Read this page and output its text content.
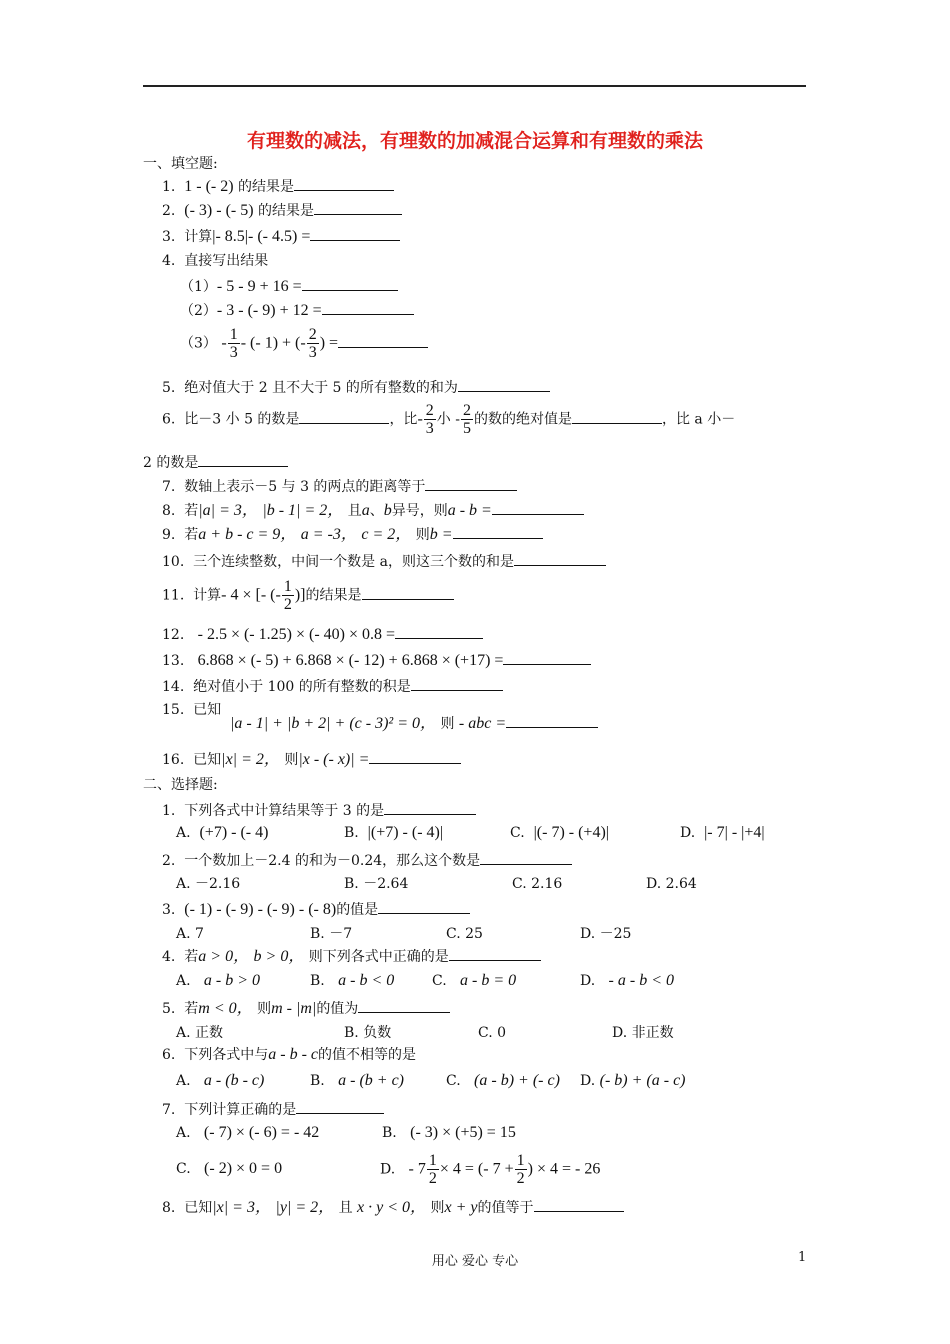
有理数的减法，有理数的加减混合运算和有理数的乘法
一、填空题:
1. 1 - (- 2) 的结果是
2. (- 3) - (- 5) 的结果是
3. 计算|- 8.5|- (- 4.5) =
4. 直接写出结果
（1）- 5 - 9 + 16 =
（2）- 3 - (- 9) + 12 =
$(3) - \frac{1}{3}$ - (- 1) + (- $\frac{2}{3}$ ) =
5. 绝对值大于 2 且不大于 5 的所有整数的和为
6. 比－3 小 5 的数是	，比- $\frac{2}{3}$ 小 - $\frac{2}{5}$ 的数的绝对值是	，比 a 小－
2 的数是
7. 数轴上表示－5 与 3 的两点的距离等于
8. 若|a| = 3， |b - 1| = 2， 且a、b异号，则a - b =
9. 若a + b - c = 9， a = -3， c = 2， 则b =
10. 三个连续整数，中间一个数是 a，则这三个数的和是
11. 计算- 4 × [- (- $\frac{1}{2}$ )]的结果是
12. - 2.5 × (- 1.25) × (- 40) × 0.8 =
13. 6.868 × (- 5) + 6.868 × (- 12) + 6.868 × (+17) =
14. 绝对值小于 100 的所有整数的积是
15. 已知
|a - 1| + |b + 2| + (c - 3)² = 0， 则 - abc =
16. 已知|x| = 2， 则|x - (- x)| =
二、选择题:
1. 下列各式中计算结果等于 3 的是
A. (+7) - (- 4)	B. |(+7) - (- 4)|	C. |(- 7) - (+4)|	D. |- 7| - |+4|
2. 一个数加上－2.4 的和为－0.24，那么这个数是
A. －2.16	B. －2.64	C. 2.16	D. 2.64
3. (- 1) - (- 9) - (- 9) - (- 8)的值是
A. 7	B. －7	C. 25	D. －25
4. 若a > 0， b > 0， 则下列各式中正确的是
A. a - b > 0	B. a - b < 0	C. a - b = 0	D. - a - b < 0
5. 若m < 0， 则m - |m|的值为
A. 正数	B. 负数	C. 0	D. 非正数
6. 下列各式中与a - b - c的值不相等的是
A. a - (b - c)	B. a - (b + c)	C. (a - b) + (- c) D. (- b) + (a - c)
7. 下列计算正确的是
A. (- 7) × (- 6) = - 42	B. (- 3) × (+5) = 15
C. (- 2) × 0 = 0	D. - $7 \frac{1}{2} \times 4$ = (- $7 + \frac{1}{2}$ ) × 4 = - 26
8. 已知|x| = 3， |y| = 2， 且 x · y < 0， 则x + y的值等于
用心 爱心 专心	1
